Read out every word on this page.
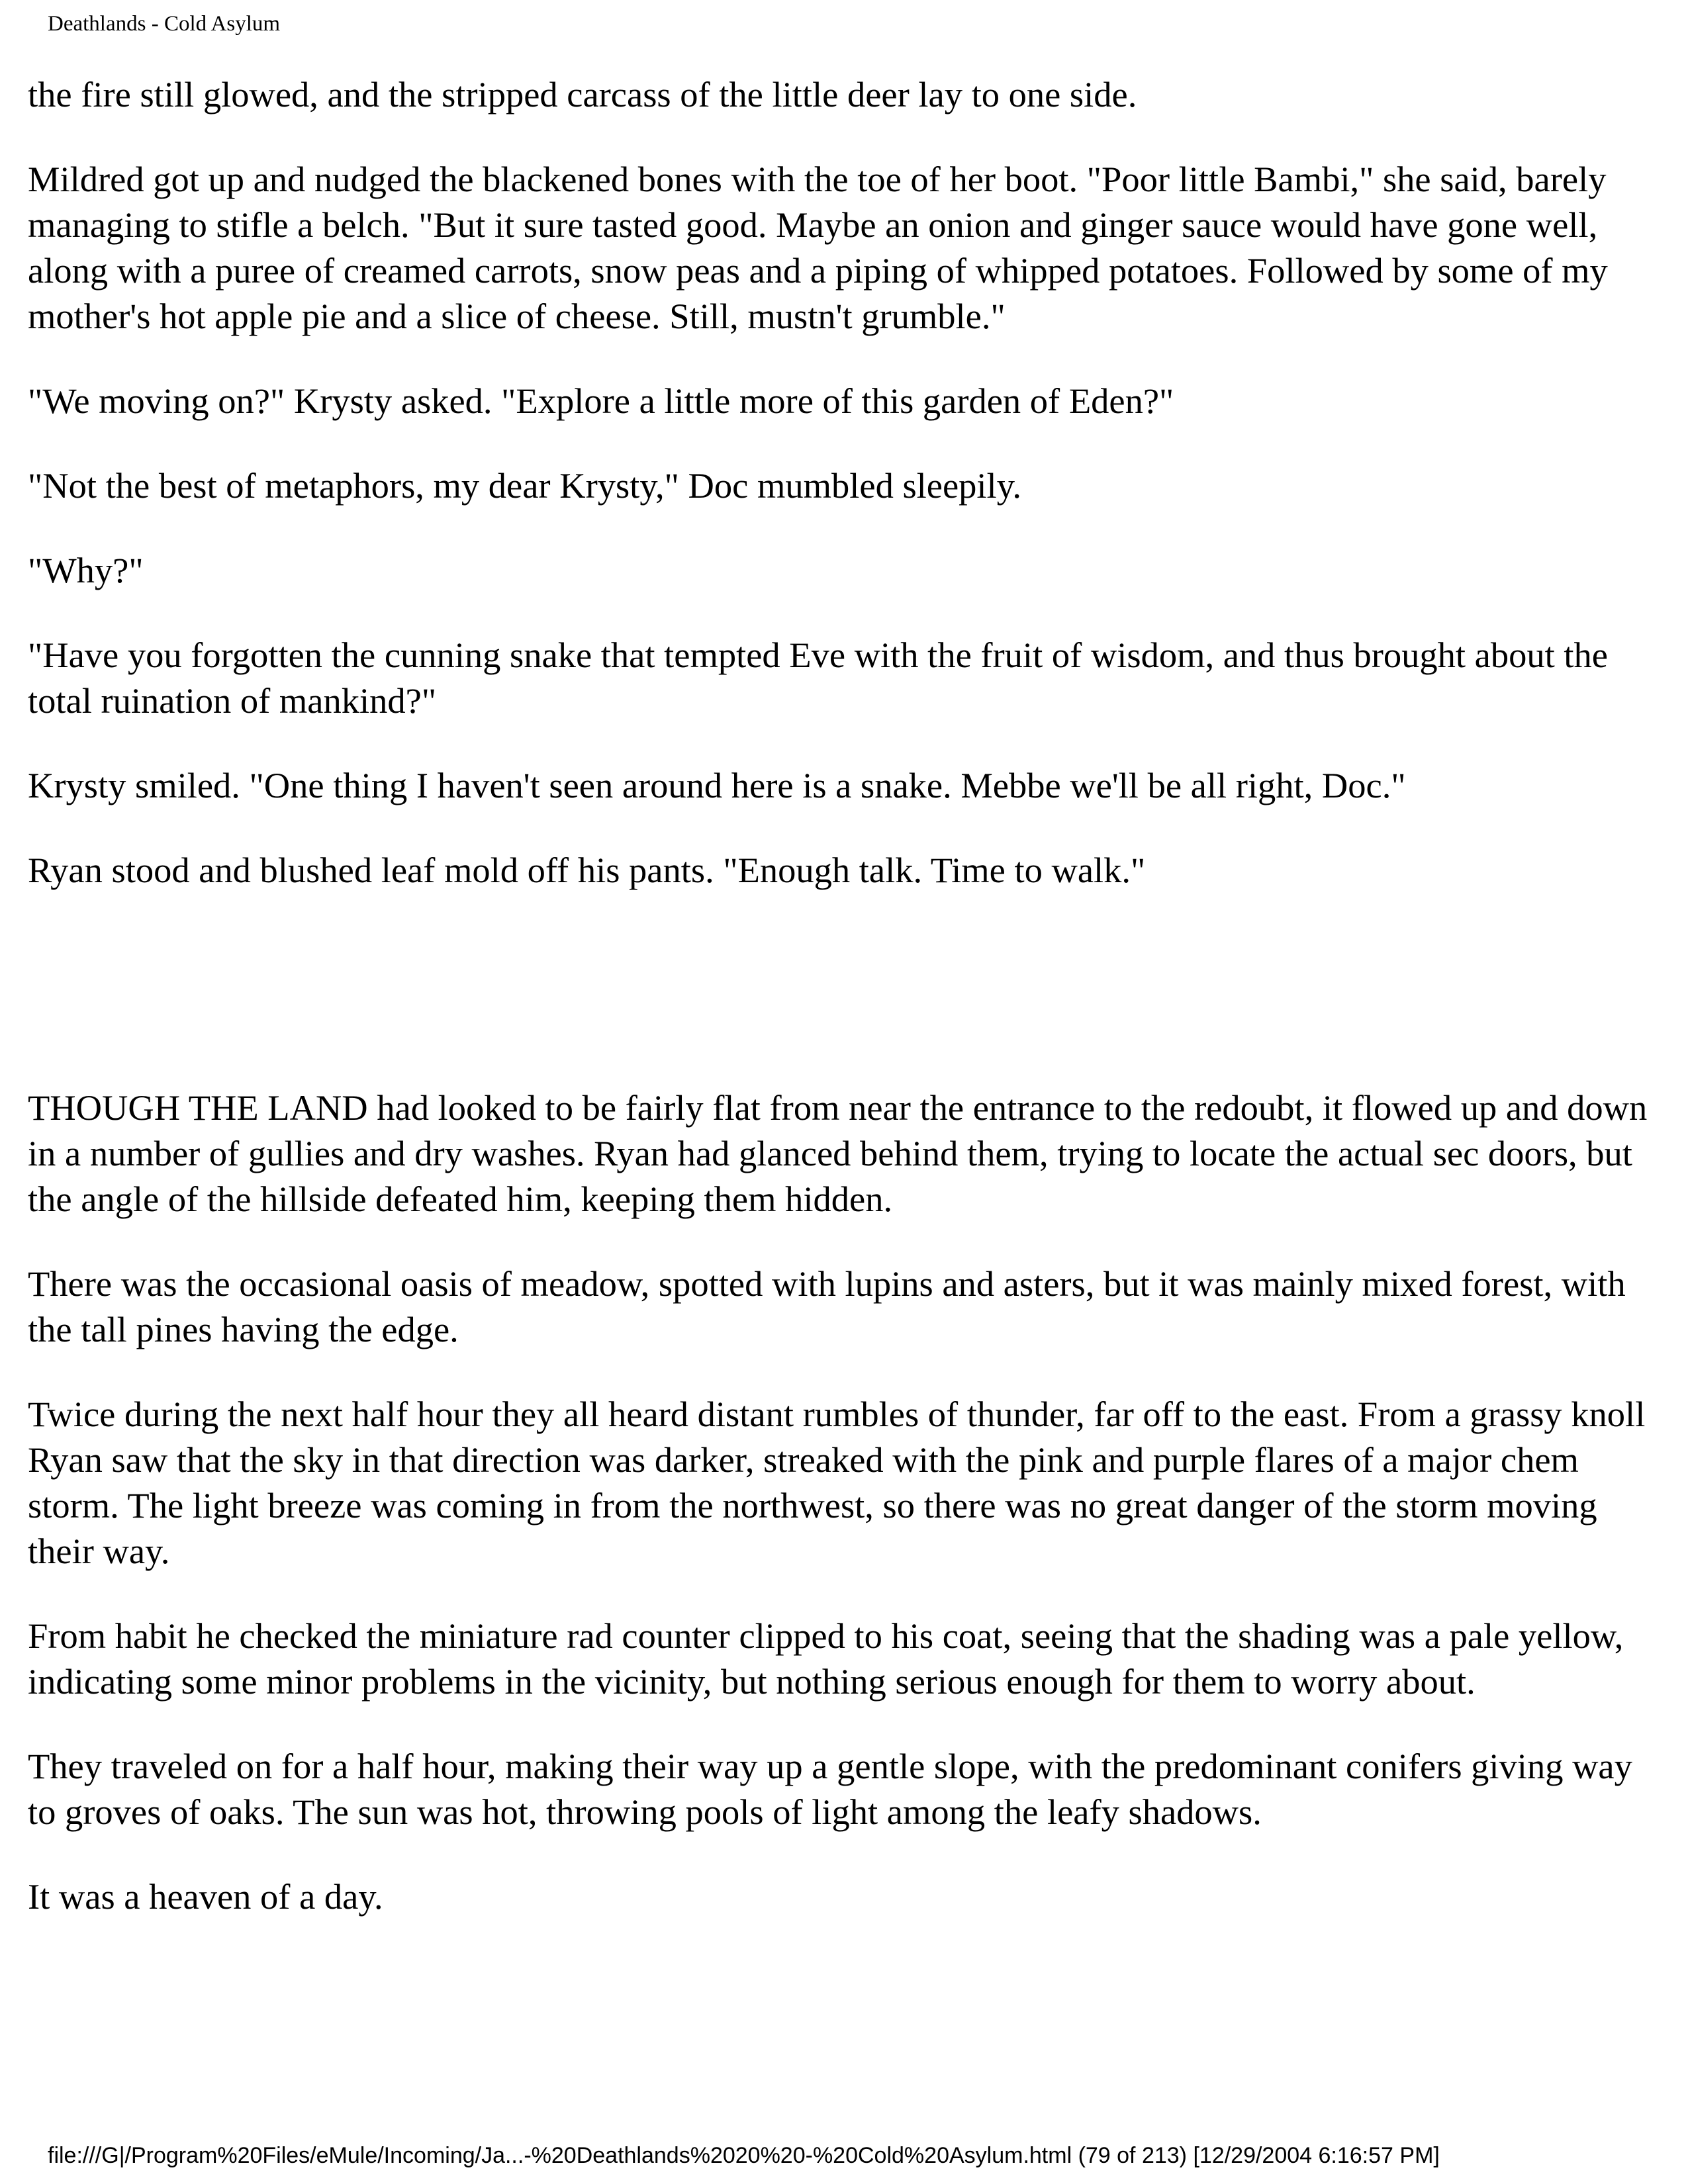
Deathlands - Cold Asylum

the fire still glowed, and the stripped carcass of the little deer lay to one side.

Mildred got up and nudged the blackened bones with the toe of her boot. "Poor little Bambi," she said, barely managing to stifle a belch. "But it sure tasted good. Maybe an onion and ginger sauce would have gone well, along with a puree of creamed carrots, snow peas and a piping of whipped potatoes. Followed by some of my mother's hot apple pie and a slice of cheese. Still, mustn't grumble."

"We moving on?" Krysty asked. "Explore a little more of this garden of Eden?"

"Not the best of metaphors, my dear Krysty," Doc mumbled sleepily.

"Why?"

"Have you forgotten the cunning snake that tempted Eve with the fruit of wisdom, and thus brought about the total ruination of mankind?"

Krysty smiled. "One thing I haven't seen around here is a snake. Mebbe we'll be all right, Doc."

Ryan stood and blushed leaf mold off his pants. "Enough talk. Time to walk."

THOUGH THE LAND had looked to be fairly flat from near the entrance to the redoubt, it flowed up and down in a number of gullies and dry washes. Ryan had glanced behind them, trying to locate the actual sec doors, but the angle of the hillside defeated him, keeping them hidden.

There was the occasional oasis of meadow, spotted with lupins and asters, but it was mainly mixed forest, with the tall pines having the edge.

Twice during the next half hour they all heard distant rumbles of thunder, far off to the east. From a grassy knoll Ryan saw that the sky in that direction was darker, streaked with the pink and purple flares of a major chem storm. The light breeze was coming in from the northwest, so there was no great danger of the storm moving their way.

From habit he checked the miniature rad counter clipped to his coat, seeing that the shading was a pale yellow, indicating some minor problems in the vicinity, but nothing serious enough for them to worry about.

They traveled on for a half hour, making their way up a gentle slope, with the predominant conifers giving way to groves of oaks. The sun was hot, throwing pools of light among the leafy shadows.

It was a heaven of a day.

file:///G|/Program%20Files/eMule/Incoming/Ja...-%20Deathlands%2020%20-%20Cold%20Asylum.html (79 of 213) [12/29/2004 6:16:57 PM]
